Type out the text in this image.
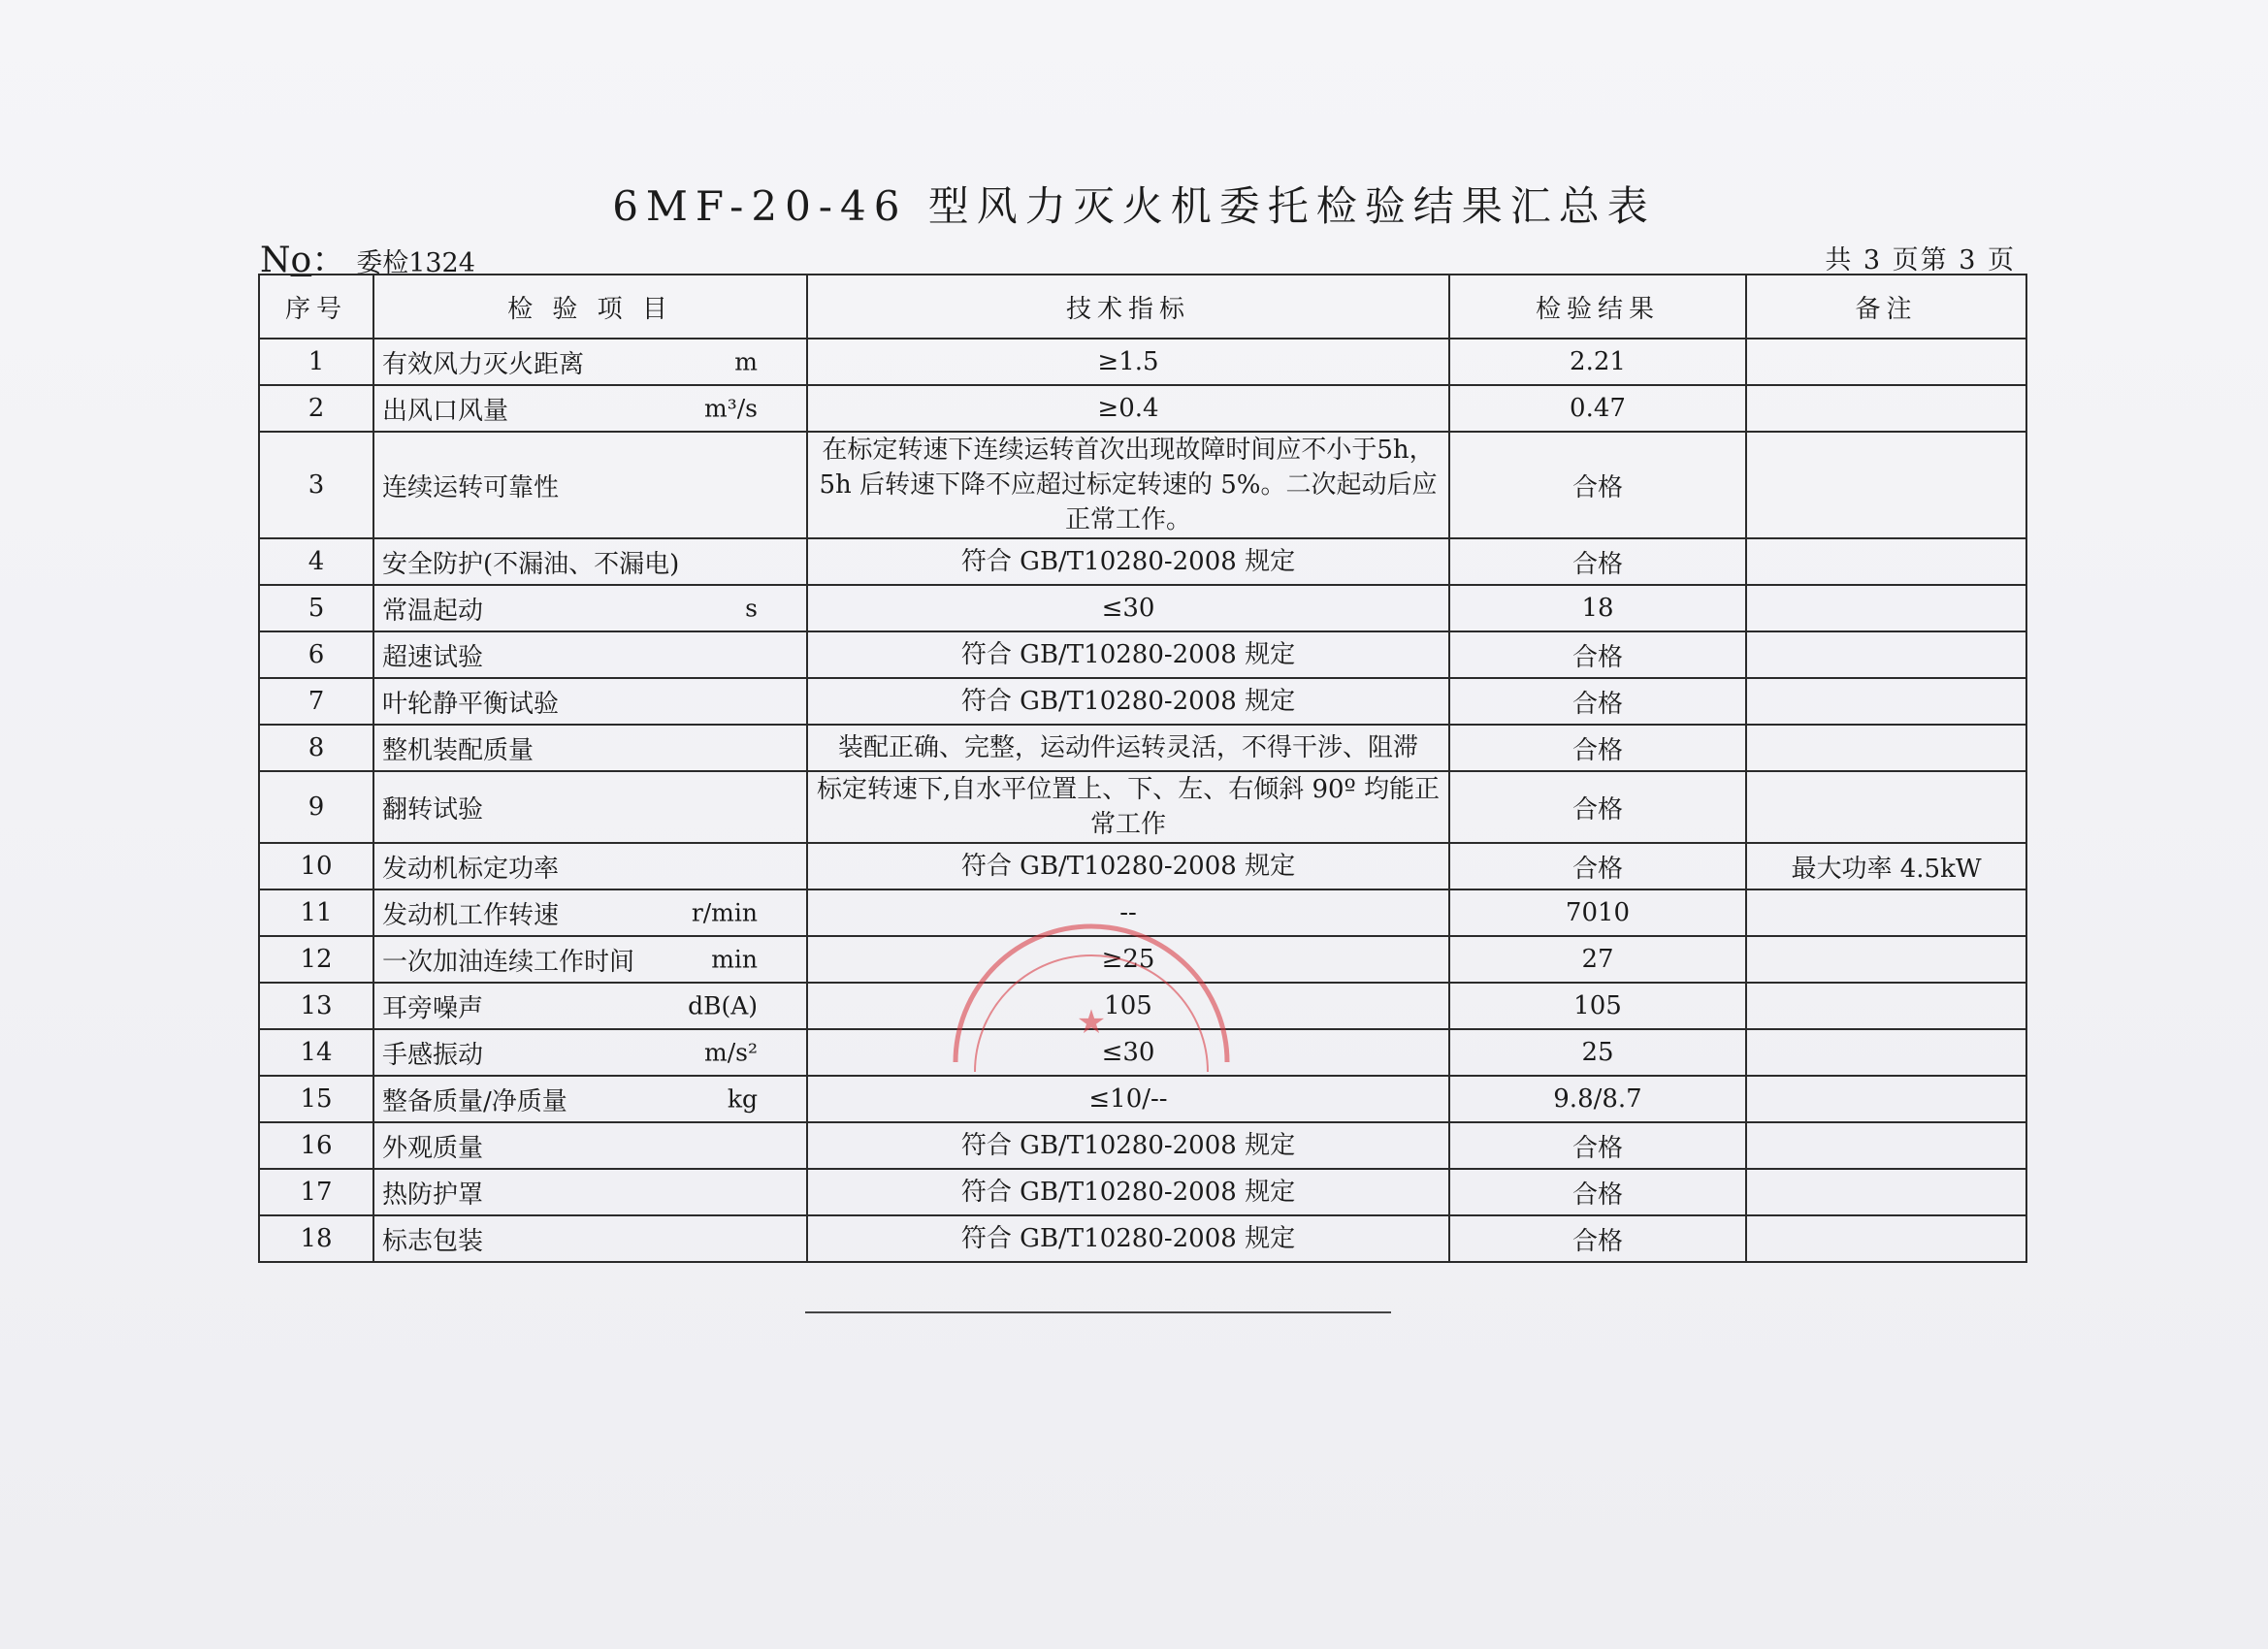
6MF-20-46 型风力灭火机委托检验结果汇总表
No： 委检1324	共 3 页第 3 页
序号	检 验 项 目	技术指标	检验结果	备注
1	有效风力灭火距离 m	≥1.5	2.21	
2	出风口风量 m³/s	≥0.4	0.47	
3	连续运转可靠性	在标定转速下连续运转首次出现故障时间应不小于5h，5h 后转速下降不应超过标定转速的 5%。二次起动后应正常工作。	合格	
4	安全防护(不漏油、不漏电)	符合 GB/T10280-2008 规定	合格	
5	常温起动 s	≤30	18	
6	超速试验	符合 GB/T10280-2008 规定	合格	
7	叶轮静平衡试验	符合 GB/T10280-2008 规定	合格	
8	整机装配质量	装配正确、完整，运动件运转灵活，不得干涉、阻滞	合格	
9	翻转试验	标定转速下,自水平位置上、下、左、右倾斜 90º 均能正常工作	合格	
10	发动机标定功率	符合 GB/T10280-2008 规定	合格	最大功率 4.5kW
11	发动机工作转速 r/min	--	7010	
12	一次加油连续工作时间 min	≥25	27	
13	耳旁噪声 dB(A)	105	105	
14	手感振动 m/s²	≤30	25	
15	整备质量/净质量 kg	≤10/--	9.8/8.7	
16	外观质量	符合 GB/T10280-2008 规定	合格	
17	热防护罩	符合 GB/T10280-2008 规定	合格	
18	标志包装	符合 GB/T10280-2008 规定	合格	
★
